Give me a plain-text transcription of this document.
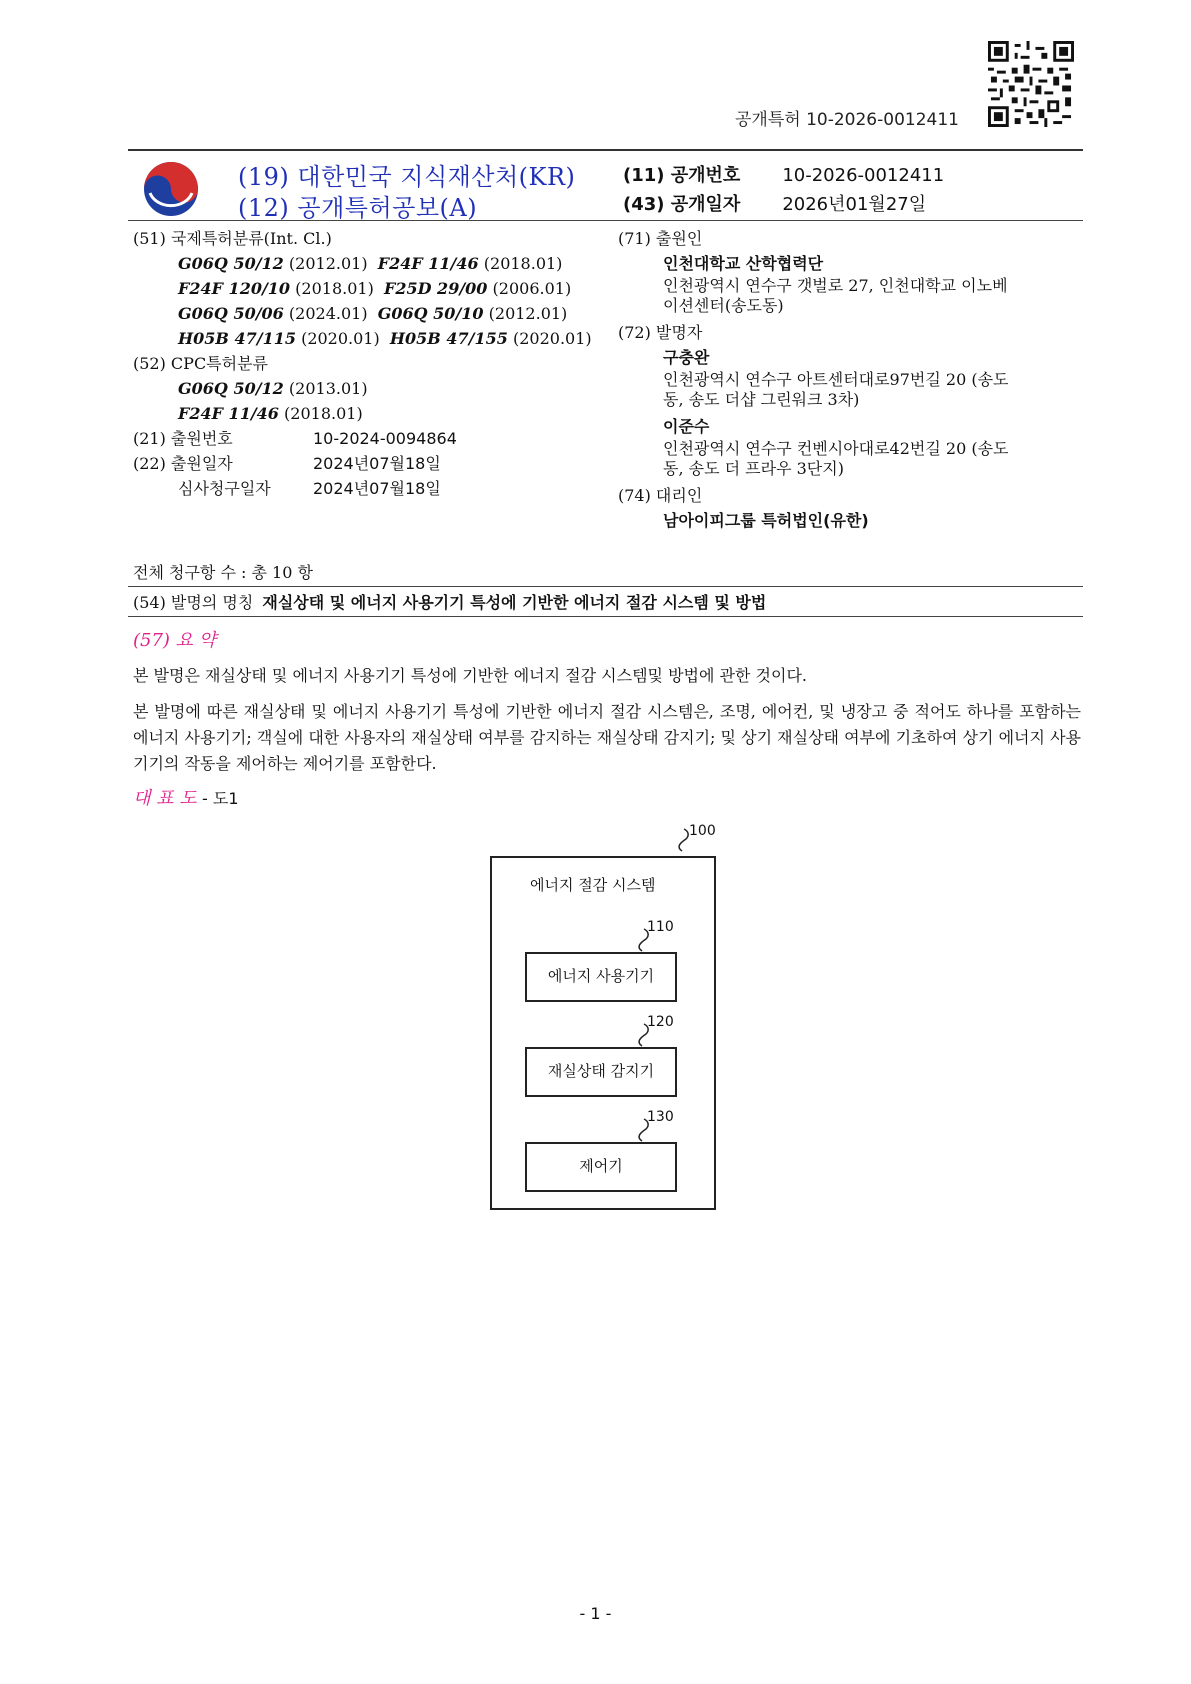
공개특허 10-2026-0012411
(19) 대한민국 지식재산처(KR)
(12) 공개특허공보(A)
(11) 공개번호 10-2026-0012411
(43) 공개일자 2026년01월27일
(51) 국제특허분류(Int. Cl.)
G06Q 50/12 (2012.01) F24F 11/46 (2018.01)
F24F 120/10 (2018.01) F25D 29/00 (2006.01)
G06Q 50/06 (2024.01) G06Q 50/10 (2012.01)
H05B 47/115 (2020.01) H05B 47/155 (2020.01)
(52) CPC특허분류
G06Q 50/12 (2013.01)
F24F 11/46 (2018.01)
(21) 출원번호	10-2024-0094864
(22) 출원일자	2024년07월18일
심사청구일자	2024년07월18일
(71) 출원인
인천대학교 산학협력단
인천광역시 연수구 갯벌로 27, 인천대학교 이노베
이션센터(송도동)
(72) 발명자
구충완
인천광역시 연수구 아트센터대로97번길 20 (송도
동, 송도 더샵 그린워크 3차)
이준수
인천광역시 연수구 컨벤시아대로42번길 20 (송도
동, 송도 더 프라우 3단지)
(74) 대리인
남아이피그룹 특허법인(유한)
전체 청구항 수 : 총 10 항
(54) 발명의 명칭 재실상태 및 에너지 사용기기 특성에 기반한 에너지 절감 시스템 및 방법
(57) 요 약
본 발명은 재실상태 및 에너지 사용기기 특성에 기반한 에너지 절감 시스템및 방법에 관한 것이다.
본 발명에 따른 재실상태 및 에너지 사용기기 특성에 기반한 에너지 절감 시스템은, 조명, 에어컨, 및 냉장고 중 적어도 하나를 포함하는 에너지 사용기기; 객실에 대한 사용자의 재실상태 여부를 감지하는 재실상태 감지기; 및 상기 재실상태 여부에 기초하여 상기 에너지 사용기기의 작동을 제어하는 제어기를 포함한다.
대 표 도 - 도1
100
에너지 절감 시스템
110
에너지 사용기기
120
재실상태 감지기
130
제어기
- 1 -
